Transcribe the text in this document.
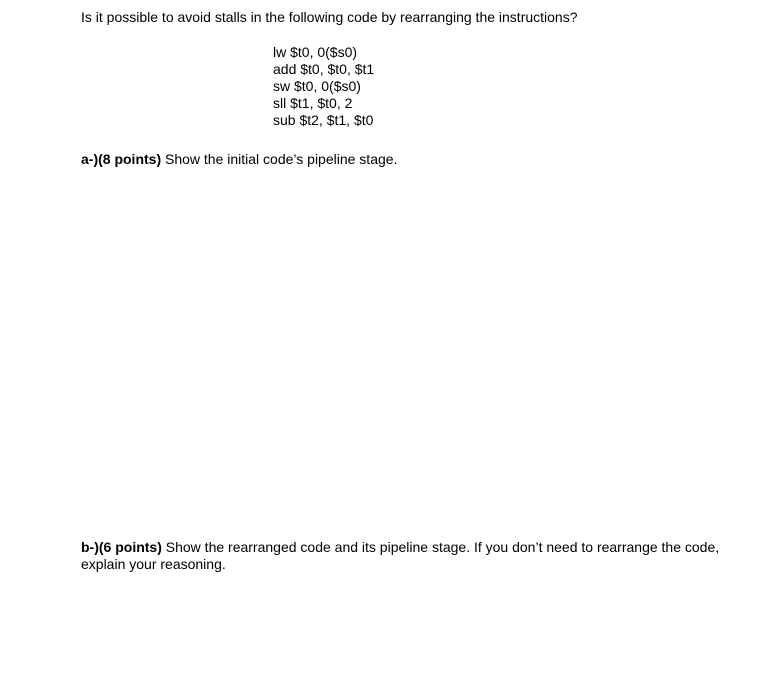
Is it possible to avoid stalls in the following code by rearranging the instructions?

lw $t0, 0($s0)
add $t0, $t0, $t1
sw $t0, 0($s0)
sll $t1, $t0, 2
sub $t2, $t1, $t0

a-)(8 points) Show the initial code’s pipeline stage.

b-)(6 points) Show the rearranged code and its pipeline stage. If you don’t need to rearrange the code, explain your reasoning.
